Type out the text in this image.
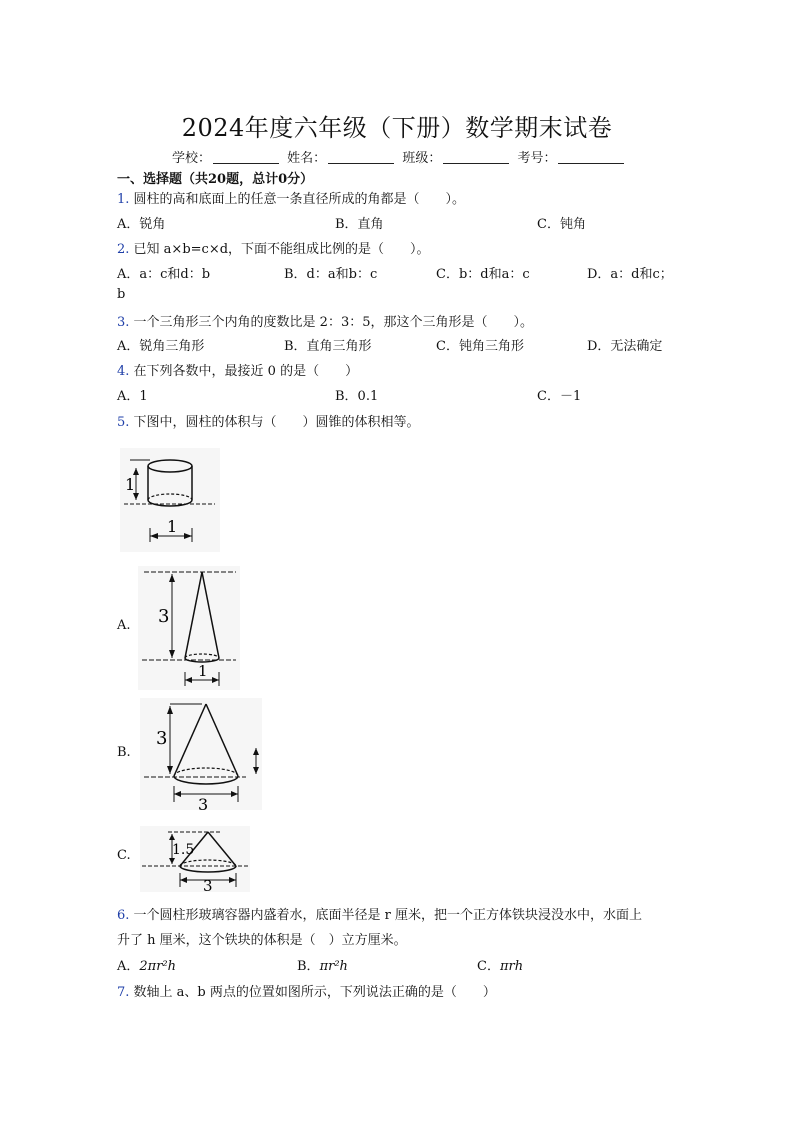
2024年度六年级（下册）数学期末试卷
学校：	姓名：	班级：	考号：
一、选择题（共20题，总计0分）
1. 圆柱的高和底面上的任意一条直径所成的角都是（　　）。
A．锐角	B．直角	C．钝角
2. 已知 a×b=c×d，下面不能组成比例的是（　　）。
A．a：c和d：b	B．d：a和b：c	C．b：d和a：c	D．a：d和c；
b
3. 一个三角形三个内角的度数比是 2：3：5，那这个三角形是（　　）。
A．锐角三角形	B．直角三角形	C．钝角三角形	D．无法确定
4. 在下列各数中，最接近 0 的是（　　）
A．1	B．0.1	C．－1
5. 下图中，圆柱的体积与（　　）圆锥的体积相等。
1
1
A. 3
1
B.
3
3
C.	1.5
3
6. 一个圆柱形玻璃容器内盛着水，底面半径是 r 厘米，把一个正方体铁块浸没水中，水面上
升了 h 厘米，这个铁块的体积是（　）立方厘米。
A．2πr²h	B．πr²h	C．πrh
7. 数轴上 a、b 两点的位置如图所示，下列说法正确的是（　　）
